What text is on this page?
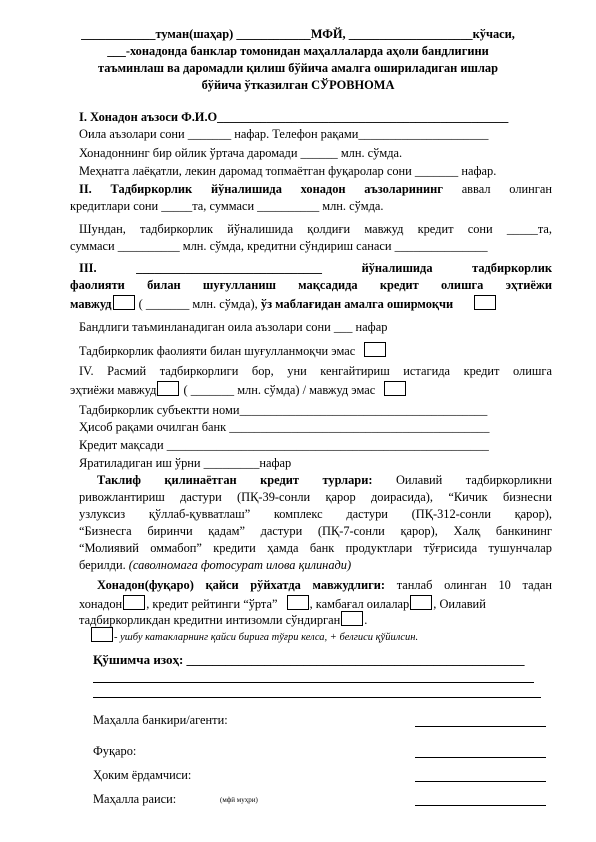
____________туман(шаҳар) ____________МФЙ, ____________________кўчаси,
___-хонадонда банклар томонидан маҳаллаларда аҳоли бандлигини
таъминлаш ва даромадли қилиш бўйича амалга ошириладиган ишлар
бўйича ўтказилган СЎРОВНОМА
I. Хонадон аъзоси Ф.И.О_______________________________________________
Оила аъзолари сони _______ нафар. Телефон рақами_____________________
Хонадоннинг бир ойлик ўртача даромади ______ млн. сўмда.
Меҳнатга лаёқатли, лекин даромад топмаётган фуқаролар сони _______ нафар.
II. Тадбиркорлик йўналишида хонадон аъзоларининг аввал олинган
кредитлари сони _____та, суммаси __________ млн. сўмда.
Шундан, тадбиркорлик йўналишида қолдиғи мавжуд кредит сони _____та,
суммаси __________ млн. сўмда, кредитни сўндириш санаси _______________
III. ______________________________ йўналишида тадбиркорлик
фаолияти билан шуғулланиш мақсадида кредит олишга эҳтиёжи
мавжуд ( _______ млн. сўмда), ўз маблағидан амалга оширмоқчи
Бандлиги таъминланадиган оила аъзолари сони ___ нафар
Тадбиркорлик фаолияти билан шуғулланмоқчи эмас
IV. Расмий тадбиркорлиги бор, уни кенгайтириш истагида кредит олишга
эҳтиёжи мавжуд ( _______ млн. сўмда) / мавжуд эмас
Тадбиркорлик субъектти номи________________________________________
Ҳисоб рақами очилган банк __________________________________________
Кредит мақсади ____________________________________________________
Яратиладиган иш ўрни _________нафар
Таклиф қилинаётган кредит турлари: Оилавий тадбиркорликни
ривожлантириш дастури (ПҚ-39-сонли қарор доирасида), “Кичик бизнесни
узлуксиз қўллаб-қувватлаш” комплекс дастури (ПҚ-312-сонли қарор),
“Бизнесга биринчи қадам” дастури (ПҚ-7-сонли қарор), Халқ банкининг
“Молиявий оммабоп” кредити ҳамда банк продуктлари тўғрисида тушунчалар
берилди. (саволномага фотосурат илова қилинади)
Хонадон(фуқаро) қайси рўйхатда мавжудлиги: танлаб олинган 10 тадан
хонадон , кредит рейтинги “ўрта”	, камбағал оилалар , Оилавий
тадбиркорликдан кредитни интизомли сўндирган .
- ушбу катакларнинг қайси бирига тўғри келса, + белгиси қўйилсин.
Қўшимча изоҳ: ____________________________________________________
Маҳалла банкири/агенти:
Фуқаро:
Ҳоким ёрдамчиси:
Маҳалла раиси:	(мфй муҳри)
